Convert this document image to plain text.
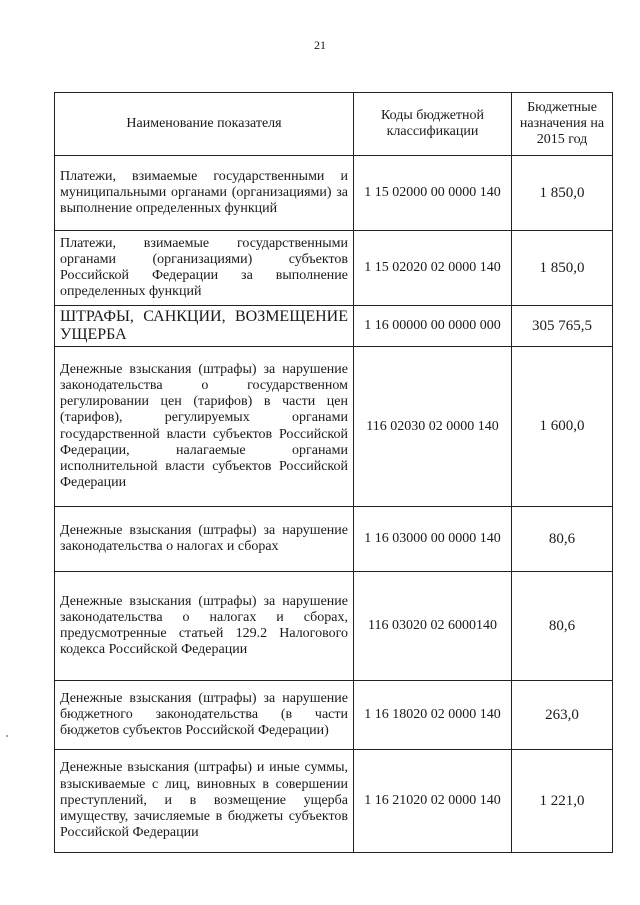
21
Наименование показателя	Коды бюджетной классификации	Бюджетные назначения на 2015 год

Платежи, взимаемые государственными и муниципальными органами (организациями) за выполнение определенных функций	1 15 02000 00 0000 140	1 850,0

Платежи, взимаемые государственными органами (организациями) субъектов Российской Федерации за выполнение определенных функций	1 15 02020 02 0000 140	1 850,0

ШТРАФЫ, САНКЦИИ, ВОЗМЕЩЕНИЕ УЩЕРБА	1 16 00000 00 0000 000	305 765,5

Денежные взыскания (штрафы) за нарушение законодательства о государственном регулировании цен (тарифов) в части цен (тарифов), регулируемых органами государственной власти субъектов Российской Федерации, налагаемые органами исполнительной власти субъектов Российской Федерации	116 02030 02 0000 140	1 600,0

Денежные взыскания (штрафы) за нарушение законодательства о налогах и сборах	1 16 03000 00 0000 140	80,6

Денежные взыскания (штрафы) за нарушение законодательства о налогах и сборах, предусмотренные статьей 129.2 Налогового кодекса Российской Федерации	116 03020 02 6000140	80,6

Денежные взыскания (штрафы) за нарушение бюджетного законодательства (в части бюджетов субъектов Российской Федерации)	1 16 18020 02 0000 140	263,0

Денежные взыскания (штрафы) и иные суммы, взыскиваемые с лиц, виновных в совершении преступлений, и в возмещение ущерба имуществу, зачисляемые в бюджеты субъектов Российской Федерации	1 16 21020 02 0000 140	1 221,0
